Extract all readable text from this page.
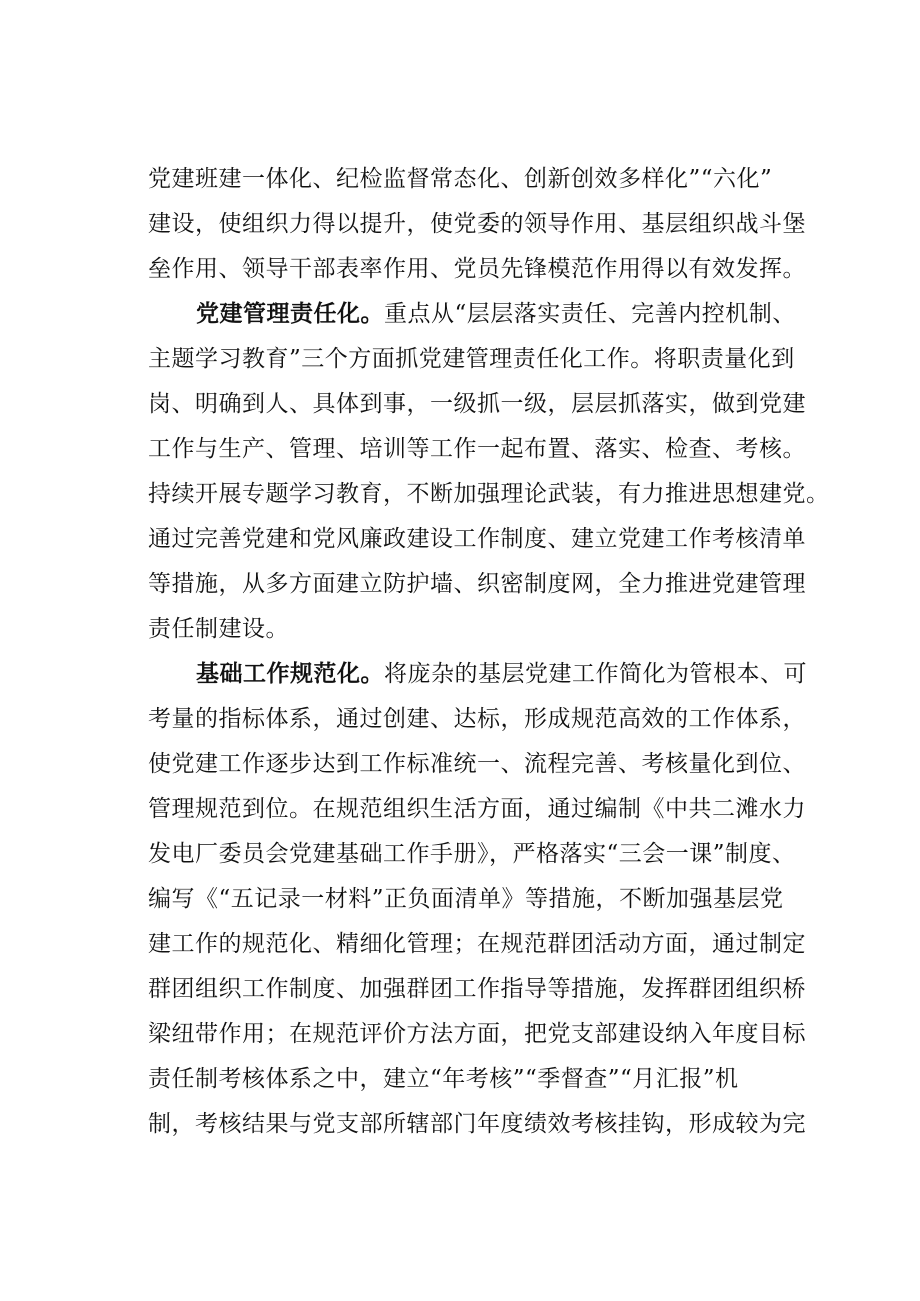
党建班建一体化、纪检监督常态化、创新创效多样化”“六化”
建设，使组织力得以提升，使党委的领导作用、基层组织战斗堡
垒作用、领导干部表率作用、党员先锋模范作用得以有效发挥。
党建管理责任化。重点从“层层落实责任、完善内控机制、
主题学习教育”三个方面抓党建管理责任化工作。将职责量化到
岗、明确到人、具体到事，一级抓一级，层层抓落实，做到党建
工作与生产、管理、培训等工作一起布置、落实、检查、考核。
持续开展专题学习教育，不断加强理论武装，有力推进思想建党。
通过完善党建和党风廉政建设工作制度、建立党建工作考核清单
等措施，从多方面建立防护墙、织密制度网，全力推进党建管理
责任制建设。
基础工作规范化。将庞杂的基层党建工作简化为管根本、可
考量的指标体系，通过创建、达标，形成规范高效的工作体系，
使党建工作逐步达到工作标准统一、流程完善、考核量化到位、
管理规范到位。在规范组织生活方面，通过编制《中共二滩水力
发电厂委员会党建基础工作手册》，严格落实“三会一课”制度、
编写《“五记录一材料”正负面清单》等措施，不断加强基层党
建工作的规范化、精细化管理；在规范群团活动方面，通过制定
群团组织工作制度、加强群团工作指导等措施，发挥群团组织桥
梁纽带作用；在规范评价方法方面，把党支部建设纳入年度目标
责任制考核体系之中，建立“年考核”“季督查”“月汇报”机
制，考核结果与党支部所辖部门年度绩效考核挂钩，形成较为完
